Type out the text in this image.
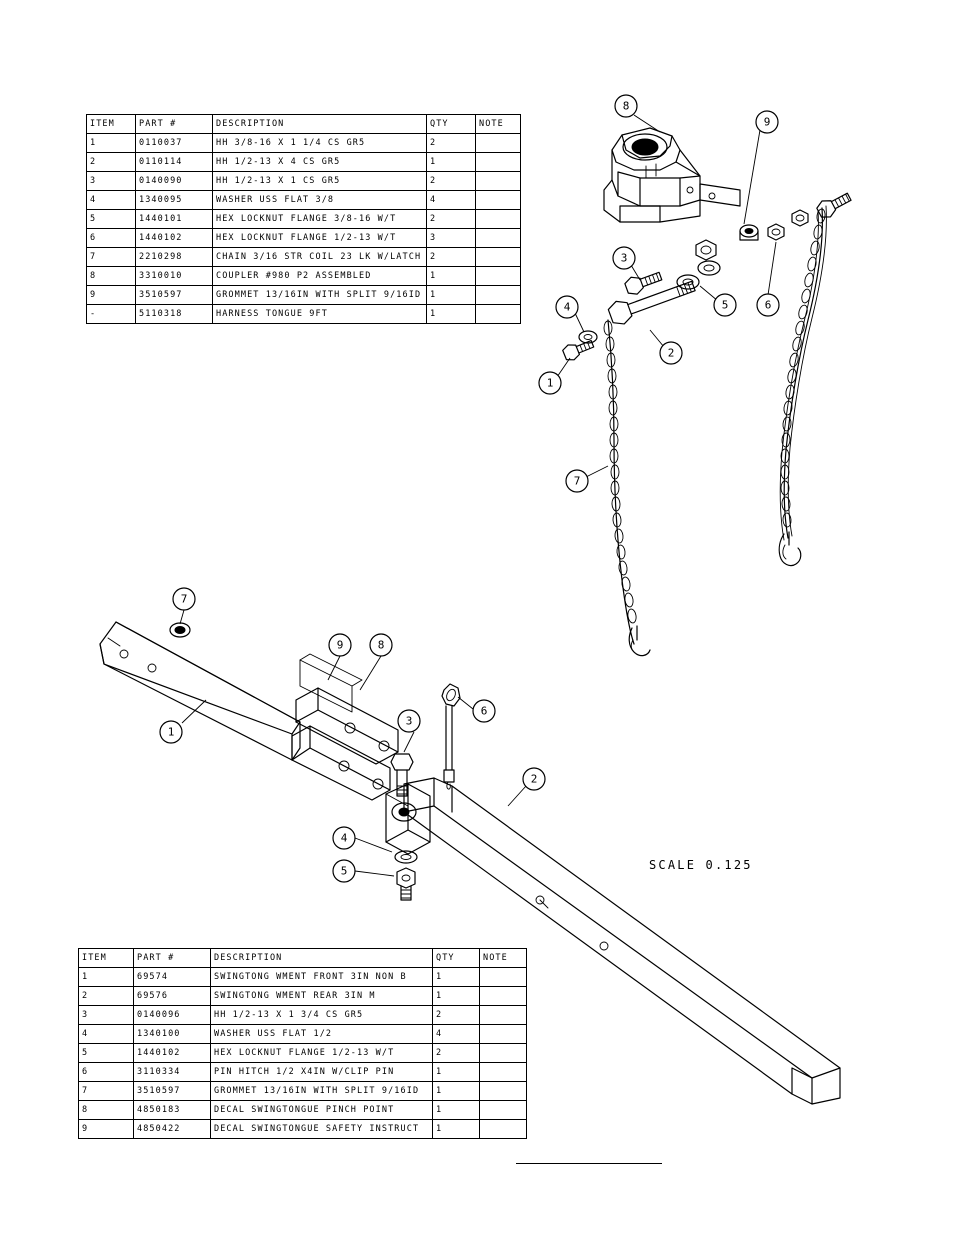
ITEM	PART #	DESCRIPTION	QTY	NOTE
1	0110037	HH 3/8-16 X 1 1/4 CS GR5	2	
2	0110114	HH 1/2-13 X 4 CS GR5	1	
3	0140090	HH 1/2-13 X 1 CS GR5	2	
4	1340095	WASHER USS FLAT 3/8	4	
5	1440101	HEX LOCKNUT FLANGE 3/8-16 W/T	2	
6	1440102	HEX LOCKNUT FLANGE 1/2-13 W/T	3	
7	2210298	CHAIN 3/16 STR COIL 23 LK W/LATCH	2	
8	3310010	COUPLER #980 P2 ASSEMBLED	1	
9	3510597	GROMMET 13/16IN WITH SPLIT 9/16ID	1	
-	5110318	HARNESS TONGUE 9FT	1	
ITEM	PART #	DESCRIPTION	QTY	NOTE
1	69574	SWINGTONG WMENT FRONT 3IN NON B	1	
2	69576	SWINGTONG WMENT REAR 3IN M	1	
3	0140096	HH 1/2-13 X 1 3/4 CS GR5	2	
4	1340100	WASHER USS FLAT 1/2	4	
5	1440102	HEX LOCKNUT FLANGE 1/2-13 W/T	2	
6	3110334	PIN HITCH 1/2 X4IN W/CLIP PIN	1	
7	3510597	GROMMET 13/16IN WITH SPLIT 9/16ID	1	
8	4850183	DECAL SWINGTONGUE PINCH POINT	1	
9	4850422	DECAL SWINGTONGUE SAFETY INSTRUCT	1	
SCALE 0.125
8
9
3
4	5	6
1
2
7
7
9	8
6
3
1
2
4
5
